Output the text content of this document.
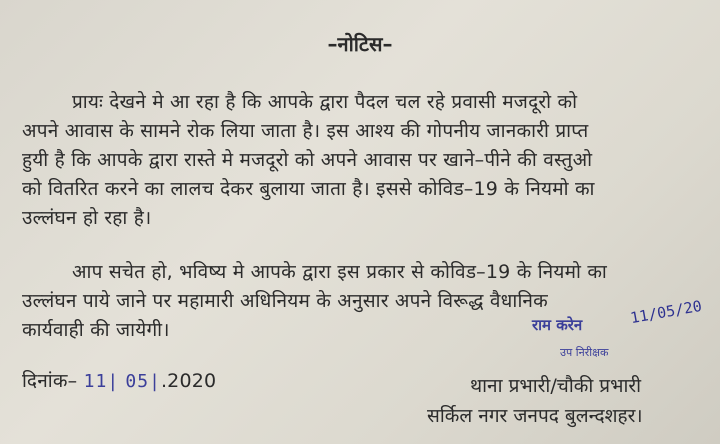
–नोटिस–
प्रायः देखने मे आ रहा है कि आपके द्वारा पैदल चल रहे प्रवासी मजदूरो को
अपने आवास के सामने रोक लिया जाता है। इस आश्य की गोपनीय जानकारी प्राप्त
हुयी है कि आपके द्वारा रास्ते मे मजदूरो को अपने आवास पर खाने–पीने की वस्तुओ
को वितरित करने का लालच देकर बुलाया जाता है। इससे कोविड–19 के नियमो का
उल्लंघन हो रहा है।
आप सचेत हो, भविष्य मे आपके द्वारा इस प्रकार से कोविड–19 के नियमो का
उल्लंघन पाये जाने पर महामारी अधिनियम के अनुसार अपने विरूद्ध वैधानिक
कार्यवाही की जायेगी।	राम करेन	11/05/20
उप निरीक्षक
दिनांक– 11| 05|.2020	थाना प्रभारी/चौकी प्रभारी
सर्किल नगर जनपद बुलन्दशहर।
